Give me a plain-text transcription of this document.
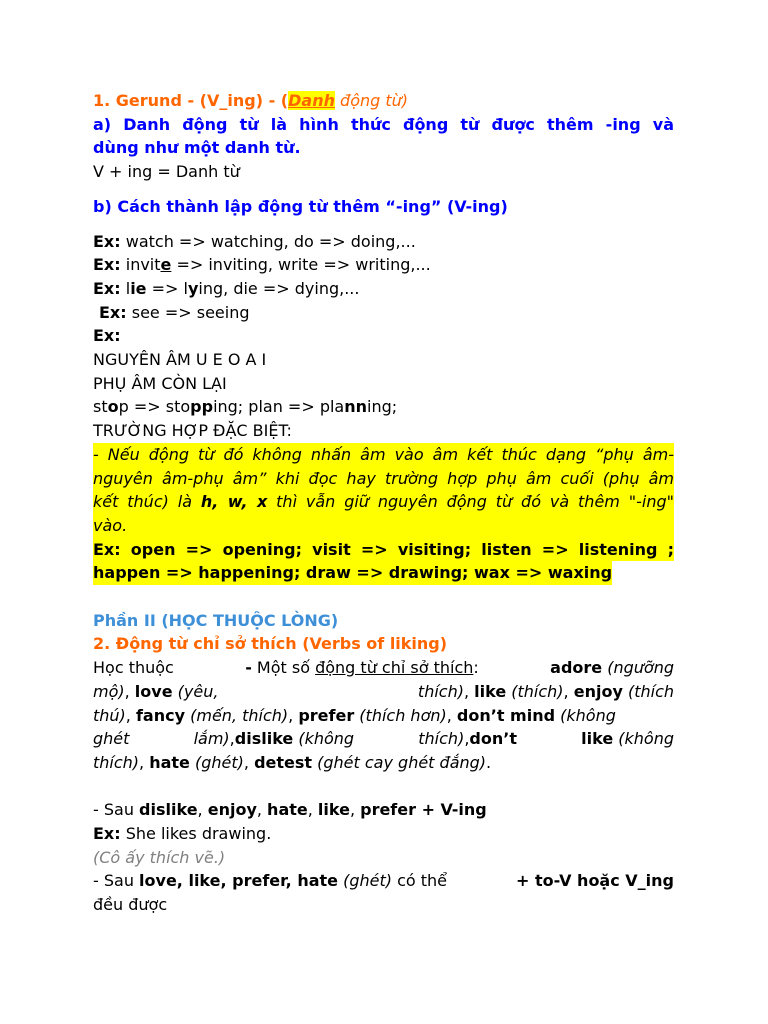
1. Gerund - (V_ing) - (Danh động từ)

a) Danh động từ là hình thức động từ được thêm -ing và

dùng như một danh từ.

V + ing = Danh từ

b) Cách thành lập động từ thêm “-ing” (V-ing)

Ex: watch => watching, do => doing,...

Ex: invite => inviting, write => writing,...

Ex: lie => lying, die => dying,...

Ex: see => seeing

Ex:

NGUYÊN ÂM U E O A I

PHỤ ÂM CÒN LẠI

stop => stopping; plan => planning;

TRƯỜNG HỢP ĐẶC BIỆT:

- Nếu động từ đó không nhấn âm vào âm kết thúc dạng “phụ âm-

nguyên âm-phụ âm” khi đọc hay trường hợp phụ âm cuối (phụ âm

kết thúc) là h, w, x thì vẫn giữ nguyên động từ đó và thêm "-ing"

vào.

Ex: open => opening; visit => visiting; listen => listening ;

happen => happening; draw => drawing; wax => waxing

Phần II (HỌC THUỘC LÒNG)

2. Động từ chỉ sở thích (Verbs of liking)

Học thuộc	- Một số động từ chỉ sở thích:	adore (ngưỡng

mộ), love (yêu,	thích), like (thích), enjoy (thích

thú), fancy (mến, thích), prefer (thích hơn), don’t mind (không

ghét	lắm),dislike (không	thích),don’t	like (không

thích), hate (ghét), detest (ghét cay ghét đắng).

- Sau dislike, enjoy, hate, like, prefer + V-ing

Ex: She likes drawing.

(Cô ấy thích vẽ.)

- Sau love, like, prefer, hate (ghét) có thể	+ to-V hoặc V_ing

đều được
